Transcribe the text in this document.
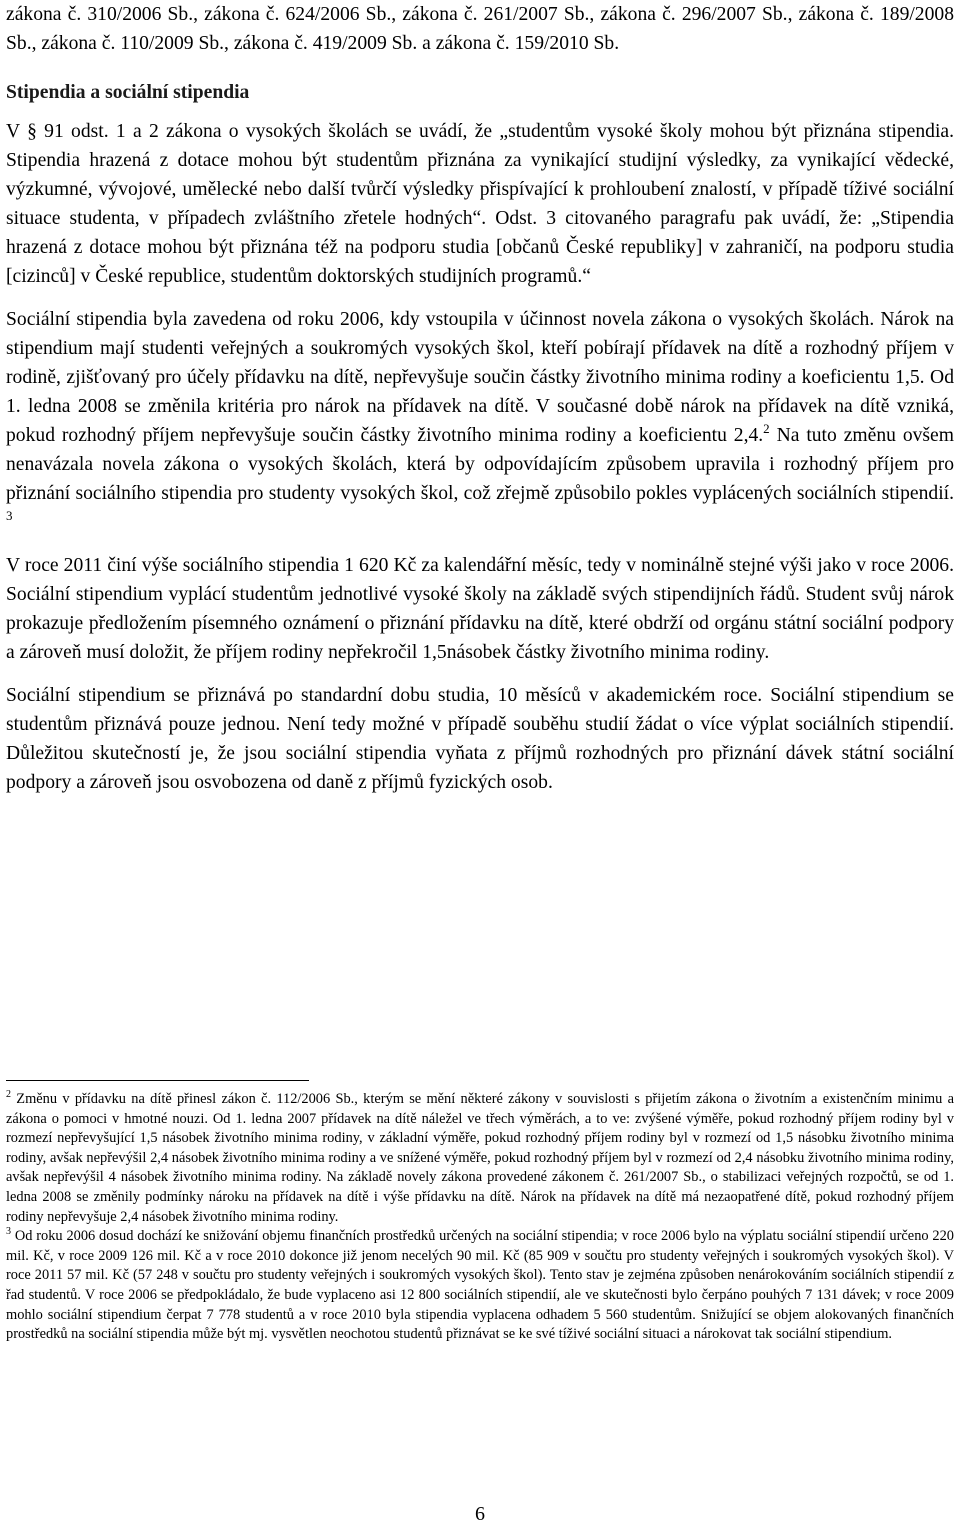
zákona č. 310/2006 Sb., zákona č. 624/2006 Sb., zákona č. 261/2007 Sb., zákona č. 296/2007 Sb., zákona č. 189/2008 Sb., zákona č. 110/2009 Sb., zákona č. 419/2009 Sb. a zákona č. 159/2010 Sb.

Stipendia a sociální stipendia

V § 91 odst. 1 a 2 zákona o vysokých školách se uvádí, že „studentům vysoké školy mohou být přiznána stipendia. Stipendia hrazená z dotace mohou být studentům přiznána za vynikající studijní výsledky, za vynikající vědecké, výzkumné, vývojové, umělecké nebo další tvůrčí výsledky přispívající k prohloubení znalostí, v případě tíživé sociální situace studenta, v případech zvláštního zřetele hodných“. Odst. 3 citovaného paragrafu pak uvádí, že: „Stipendia hrazená z dotace mohou být přiznána též na podporu studia [občanů České republiky] v zahraničí, na podporu studia [cizinců] v České republice, studentům doktorských studijních programů.“

Sociální stipendia byla zavedena od roku 2006, kdy vstoupila v účinnost novela zákona o vysokých školách. Nárok na stipendium mají studenti veřejných a soukromých vysokých škol, kteří pobírají přídavek na dítě a rozhodný příjem v rodině, zjišťovaný pro účely přídavku na dítě, nepřevyšuje součin částky životního minima rodiny a koeficientu 1,5. Od 1. ledna 2008 se změnila kritéria pro nárok na přídavek na dítě. V současné době nárok na přídavek na dítě vzniká, pokud rozhodný příjem nepřevyšuje součin částky životního minima rodiny a koeficientu 2,4.$^2$ Na tuto změnu ovšem nenavázala novela zákona o vysokých školách, která by odpovídajícím způsobem upravila i rozhodný příjem pro přiznání sociálního stipendia pro studenty vysokých škol, což zřejmě způsobilo pokles vyplácených sociálních stipendií. $^3$

V roce 2011 činí výše sociálního stipendia 1 620 Kč za kalendářní měsíc, tedy v nominálně stejné výši jako v roce 2006. Sociální stipendium vyplácí studentům jednotlivé vysoké školy na základě svých stipendijních řádů. Student svůj nárok prokazuje předložením písemného oznámení o přiznání přídavku na dítě, které obdrží od orgánu státní sociální podpory a zároveň musí doložit, že příjem rodiny nepřekročil 1,5násobek částky životního minima rodiny.

Sociální stipendium se přiznává po standardní dobu studia, 10 měsíců v akademickém roce. Sociální stipendium se studentům přiznává pouze jednou. Není tedy možné v případě souběhu studií žádat o více výplat sociálních stipendií. Důležitou skutečností je, že jsou sociální stipendia vyňata z příjmů rozhodných pro přiznání dávek státní sociální podpory a zároveň jsou osvobozena od daně z příjmů fyzických osob.

$^2$ Změnu v přídavku na dítě přinesl zákon č. 112/2006 Sb., kterým se mění některé zákony v souvislosti s přijetím zákona o životním a existenčním minimu a zákona o pomoci v hmotné nouzi. Od 1. ledna 2007 přídavek na dítě náležel ve třech výměrách, a to ve: zvýšené výměře, pokud rozhodný příjem rodiny byl v rozmezí nepřevyšující 1,5 násobek životního minima rodiny, v základní výměře, pokud rozhodný příjem rodiny byl v rozmezí od 1,5 násobku životního minima rodiny, avšak nepřevýšil 2,4 násobek životního minima rodiny a ve snížené výměře, pokud rozhodný příjem byl v rozmezí od 2,4 násobku životního minima rodiny, avšak nepřevýšil 4 násobek životního minima rodiny. Na základě novely zákona provedené zákonem č. 261/2007 Sb., o stabilizaci veřejných rozpočtů, se od 1. ledna 2008 se změnily podmínky nároku na přídavek na dítě i výše přídavku na dítě. Nárok na přídavek na dítě má nezaopatřené dítě, pokud rozhodný příjem rodiny nepřevyšuje 2,4 násobek životního minima rodiny.

$^3$ Od roku 2006 dosud dochází ke snižování objemu finančních prostředků určených na sociální stipendia; v roce 2006 bylo na výplatu sociální stipendií určeno 220 mil. Kč, v roce 2009 126 mil. Kč a v roce 2010 dokonce již jenom necelých 90 mil. Kč (85 909 v součtu pro studenty veřejných i soukromých vysokých škol). V roce 2011 57 mil. Kč (57 248 v součtu pro studenty veřejných i soukromých vysokých škol). Tento stav je zejména způsoben nenárokováním sociálních stipendií z řad studentů. V roce 2006 se předpokládalo, že bude vyplaceno asi 12 800 sociálních stipendií, ale ve skutečnosti bylo čerpáno pouhých 7 131 dávek; v roce 2009 mohlo sociální stipendium čerpat 7 778 studentů a v roce 2010 byla stipendia vyplacena odhadem 5 560 studentům. Snižující se objem alokovaných finančních prostředků na sociální stipendia může být mj. vysvětlen neochotou studentů přiznávat se ke své tíživé sociální situaci a nárokovat tak sociální stipendium.

6
